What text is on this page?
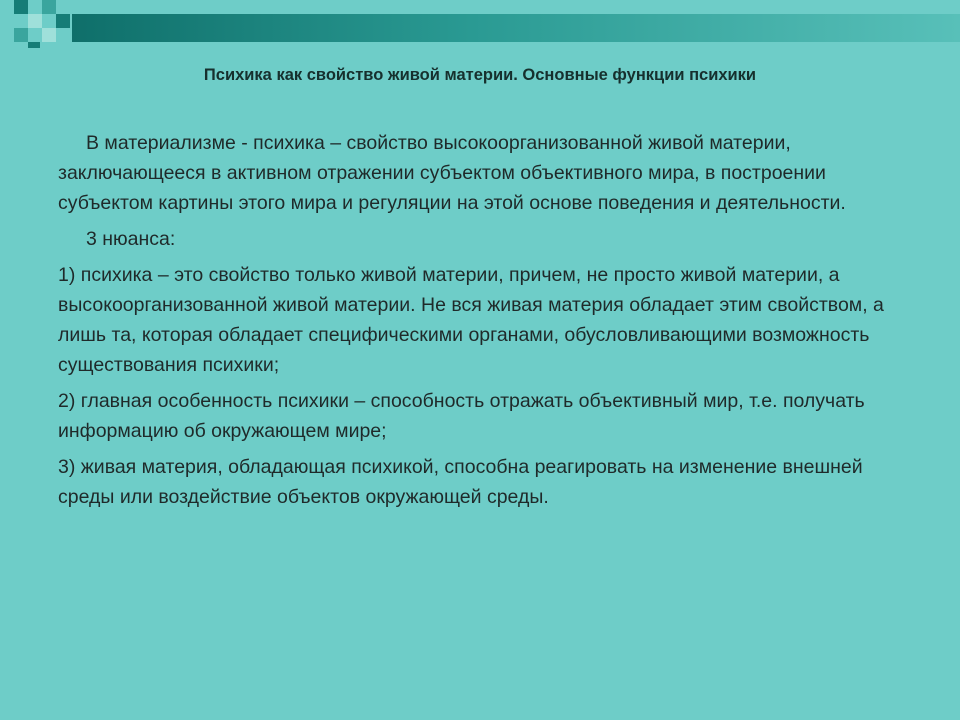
Психика как свойство живой материи. Основные функции психики

В материализме - психика – свойство высокоорганизованной живой материи, заключающееся в активном отражении субъектом объективного мира, в построении субъектом картины этого мира и регуляции на этой основе поведения и деятельности.

3 нюанса:

1) психика – это свойство только живой материи, причем, не просто живой материи, а высокоорганизованной живой материи. Не вся живая материя обладает этим свойством, а лишь та, которая обладает специфическими органами, обусловливающими возможность существования психики;

2) главная особенность психики – способность отражать объективный мир, т.е. получать информацию об окружающем мире;

3) живая материя, обладающая психикой, способна реагировать на изменение внешней среды или воздействие объектов окружающей среды.
